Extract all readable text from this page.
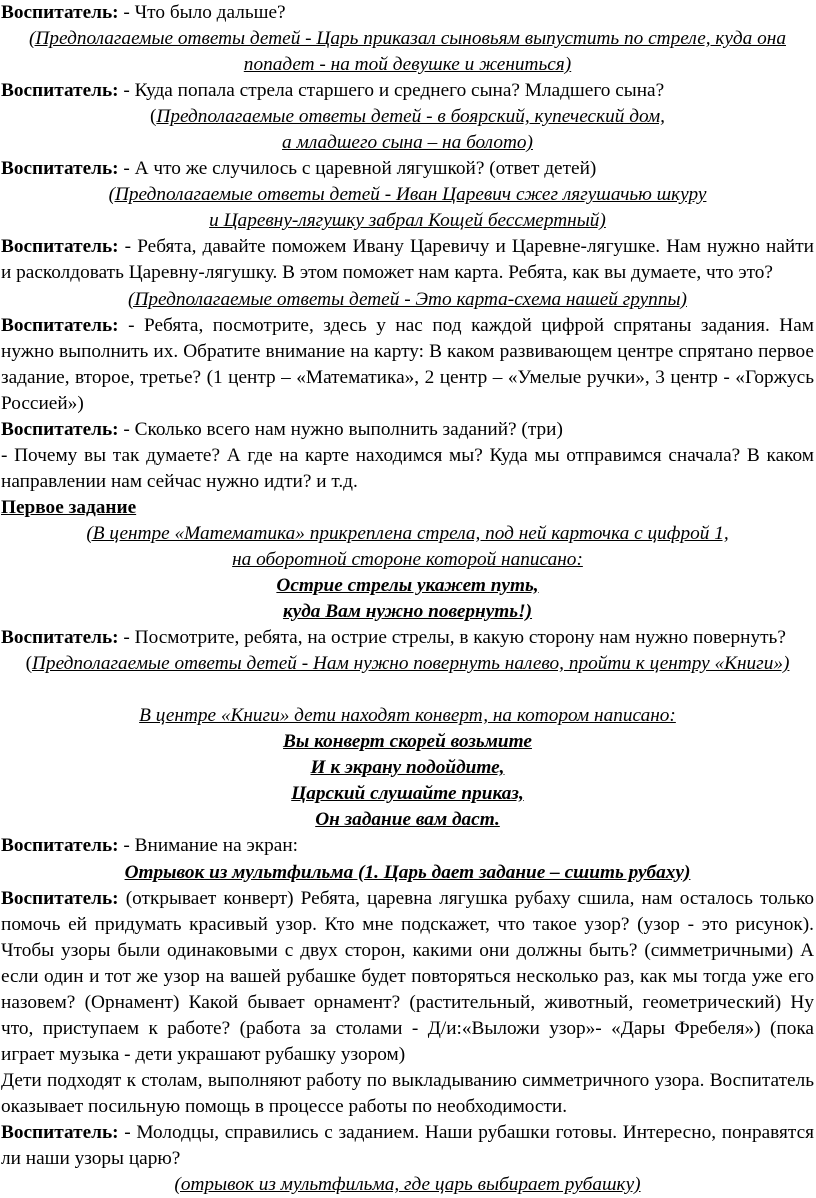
Воспитатель: - Что было дальше?

(Предполагаемые ответы детей - Царь приказал сыновьям выпустить по стреле, куда она

попадет - на той девушке и жениться)

Воспитатель: - Куда попала стрела старшего и среднего сына? Младшего сына?

(Предполагаемые ответы детей - в боярский, купеческий дом,

а младшего сына – на болото)

Воспитатель: - А что же случилось с царевной лягушкой? (ответ детей)

(Предполагаемые ответы детей - Иван Царевич сжег лягушачью шкуру

и Царевну-лягушку забрал Кощей бессмертный)

Воспитатель: - Ребята, давайте поможем Ивану Царевичу и Царевне-лягушке. Нам нужно найти и расколдовать Царевну-лягушку. В этом поможет нам карта. Ребята, как вы думаете, что это?

(Предполагаемые ответы детей - Это карта-схема нашей группы)

Воспитатель: - Ребята, посмотрите, здесь у нас под каждой цифрой спрятаны задания. Нам нужно выполнить их. Обратите внимание на карту: В каком развивающем центре спрятано первое задание, второе, третье? (1 центр – «Математика», 2 центр – «Умелые ручки», 3 центр - «Горжусь Россией»)

Воспитатель: - Сколько всего нам нужно выполнить заданий? (три)

- Почему вы так думаете? А где на карте находимся мы? Куда мы отправимся сначала? В каком направлении нам сейчас нужно идти? и т.д.

Первое задание

(В центре «Математика» прикреплена стрела, под ней карточка с цифрой 1,

на оборотной стороне которой написано:

Острие стрелы укажет путь,

куда Вам нужно повернуть!)

Воспитатель: - Посмотрите, ребята, на острие стрелы, в какую сторону нам нужно повернуть?

(Предполагаемые ответы детей - Нам нужно повернуть налево, пройти к центру «Книги»)

В центре «Книги» дети находят конверт, на котором написано:

Вы конверт скорей возьмите

И к экрану подойдите,

Царский слушайте приказ,

Он задание вам даст.

Воспитатель: - Внимание на экран:

Отрывок из мультфильма (1. Царь дает задание – сшить рубаху)

Воспитатель: (открывает конверт) Ребята, царевна лягушка рубаху сшила, нам осталось только помочь ей придумать красивый узор. Кто мне подскажет, что такое узор? (узор - это рисунок). Чтобы узоры были одинаковыми с двух сторон, какими они должны быть? (симметричными) А если один и тот же узор на вашей рубашке будет повторяться несколько раз, как мы тогда уже его назовем? (Орнамент) Какой бывает орнамент? (растительный, животный, геометрический) Ну что, приступаем к работе? (работа за столами - Д/и:«Выложи узор»- «Дары Фребеля») (пока играет музыка - дети украшают рубашку узором)

Дети подходят к столам, выполняют работу по выкладыванию симметричного узора. Воспитатель оказывает посильную помощь в процессе работы по необходимости.

Воспитатель: - Молодцы, справились с заданием. Наши рубашки готовы. Интересно, понравятся ли наши узоры царю?

(отрывок из мультфильма, где царь выбирает рубашку)
